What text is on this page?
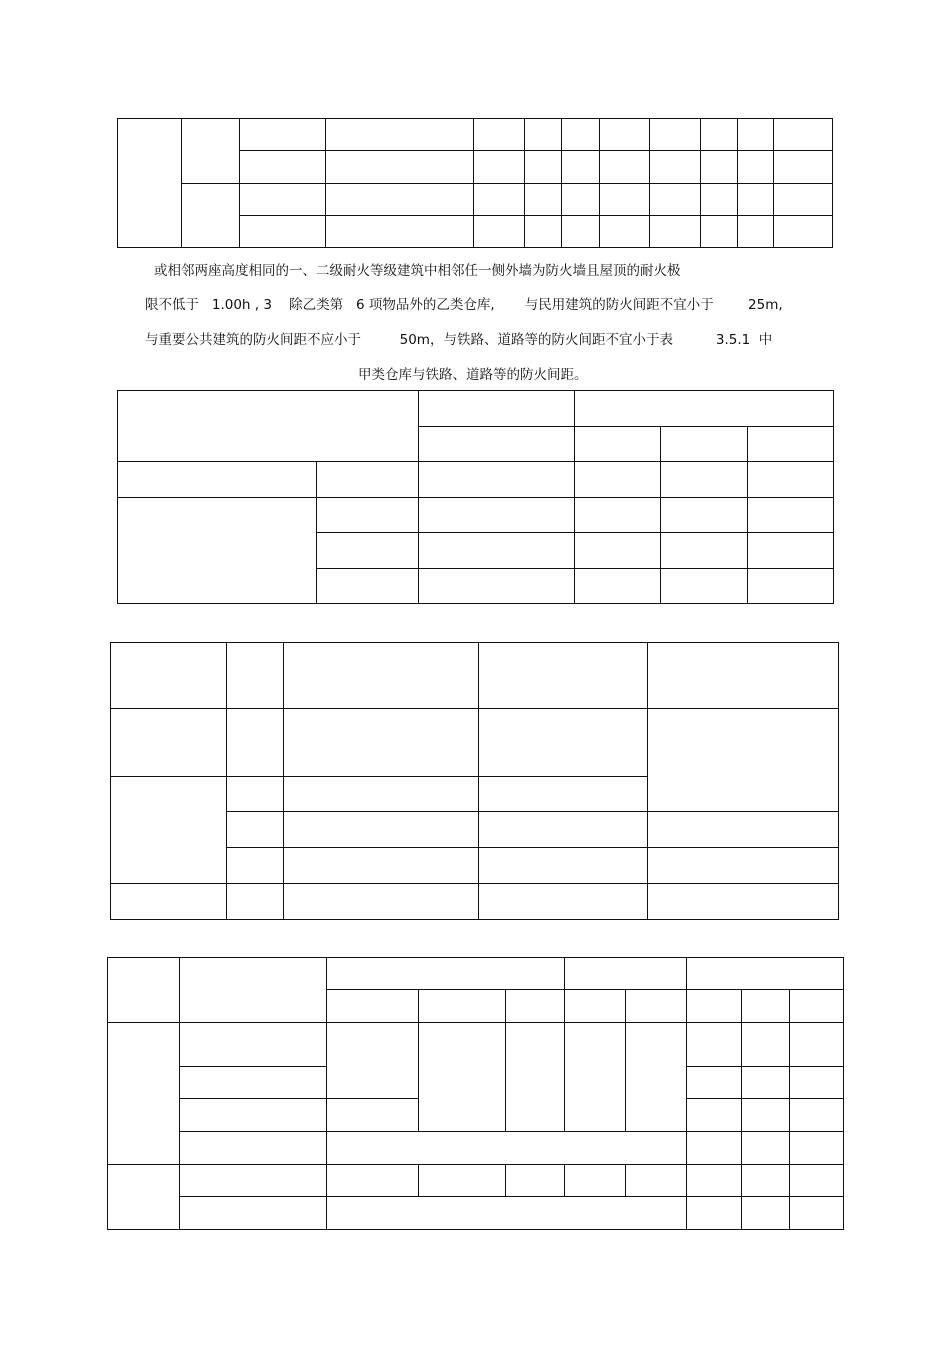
或相邻两座高度相同的一、二级耐火等级建筑中相邻任一侧外墙为防火墙且屋顶的耐火极
限不低于   1.00h , 3    除乙类第   6 项物品外的乙类仓库,       与民用建筑的防火间距不宜小于        25m,
与重要公共建筑的防火间距不应小于         50m，与铁路、道路等的防火间距不宜小于表          3.5.1  中
甲类仓库与铁路、道路等的防火间距。
